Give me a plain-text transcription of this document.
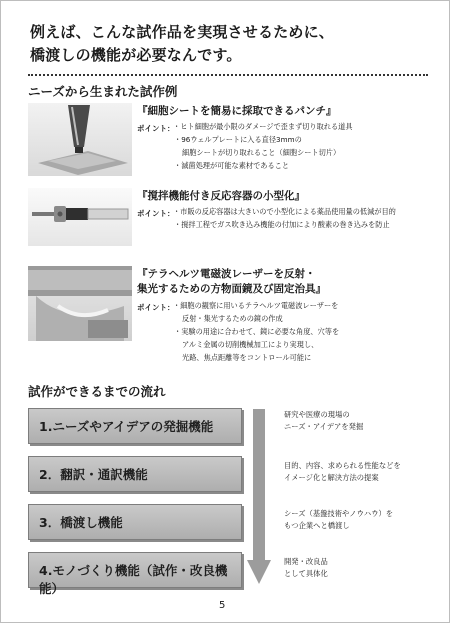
例えば、こんな試作品を実現させるために、
橋渡しの機能が必要なんです。
ニーズから生まれた試作例
『細胞シートを簡易に採取できるパンチ』
ポイント：
・ヒト細胞が最小限のダメージで歪まず切り取れる道具
・96ウェルプレートに入る直径3mmの
細胞シートが切り取れること（細胞シート切片）
・滅菌処理が可能な素材であること
『撹拌機能付き反応容器の小型化』
ポイント：
・市販の反応容器は大きいので小型化による薬品使用量の低減が目的
・撹拌工程でガス吹き込み機能の付加により酸素の巻き込みを防止
『テラヘルツ電磁波レーザーを反射・
集光するための方物面鏡及び固定治具』
ポイント：
・細胞の観察に用いるテラヘルツ電磁波レーザーを
反射・集光するための鏡の作成
・実験の用途に合わせて、鏡に必要な角度、穴等を
アルミ金属の切削機械加工により実現し、
光路、焦点距離等をコントロール可能に
試作ができるまでの流れ
1.ニーズやアイデアの発掘機能
2．翻訳・通訳機能
3．橋渡し機能
4.モノづくり機能（試作・改良機能）
研究や医療の現場の
ニーズ・アイデアを発掘
目的、内容、求められる性能などを
イメージ化と解決方法の提案
シーズ（基盤技術やノウハウ）を
もつ企業へと橋渡し
開発・改良品
として具体化
5
